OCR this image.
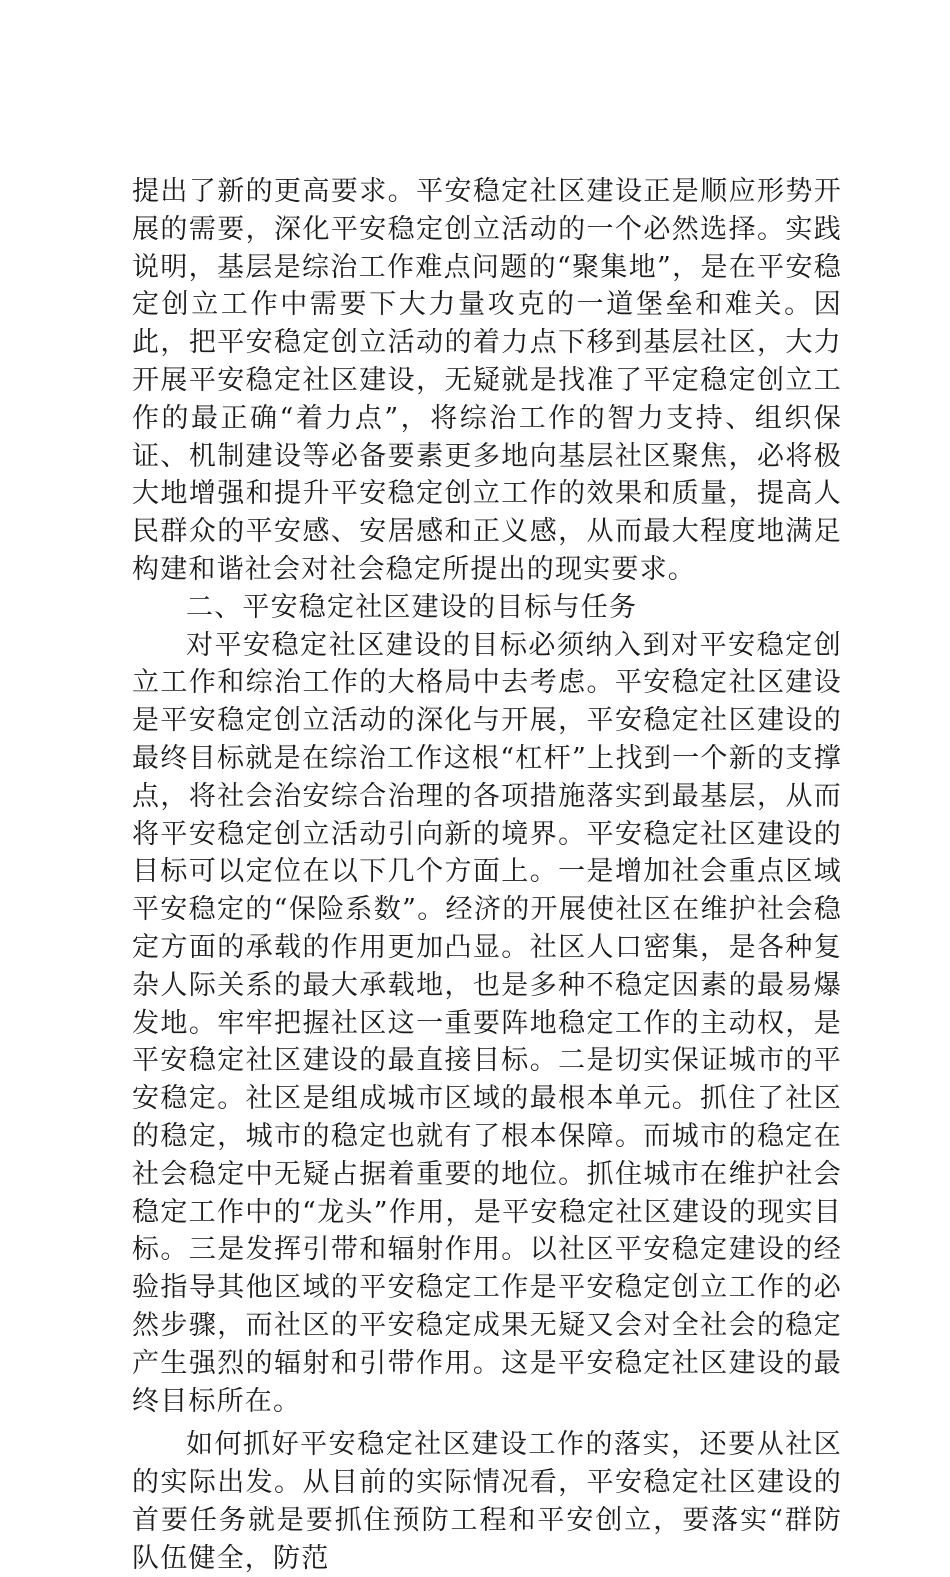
提出了新的更高要求。平安稳定社区建设正是顺应形势开展的需要，深化平安稳定创立活动的一个必然选择。实践说明，基层是综治工作难点问题的“聚集地”，是在平安稳定创立工作中需要下大力量攻克的一道堡垒和难关。因此，把平安稳定创立活动的着力点下移到基层社区，大力开展平安稳定社区建设，无疑就是找准了平定稳定创立工作的最正确“着力点”，将综治工作的智力支持、组织保证、机制建设等必备要素更多地向基层社区聚焦，必将极大地增强和提升平安稳定创立工作的效果和质量，提高人民群众的平安感、安居感和正义感，从而最大程度地满足构建和谐社会对社会稳定所提出的现实要求。

二、平安稳定社区建设的目标与任务

对平安稳定社区建设的目标必须纳入到对平安稳定创立工作和综治工作的大格局中去考虑。平安稳定社区建设是平安稳定创立活动的深化与开展，平安稳定社区建设的最终目标就是在综治工作这根“杠杆”上找到一个新的支撑点，将社会治安综合治理的各项措施落实到最基层，从而将平安稳定创立活动引向新的境界。平安稳定社区建设的目标可以定位在以下几个方面上。一是增加社会重点区域平安稳定的“保险系数”。经济的开展使社区在维护社会稳定方面的承载的作用更加凸显。社区人口密集，是各种复杂人际关系的最大承载地，也是多种不稳定因素的最易爆发地。牢牢把握社区这一重要阵地稳定工作的主动权，是平安稳定社区建设的最直接目标。二是切实保证城市的平安稳定。社区是组成城市区域的最根本单元。抓住了社区的稳定，城市的稳定也就有了根本保障。而城市的稳定在社会稳定中无疑占据着重要的地位。抓住城市在维护社会稳定工作中的“龙头”作用，是平安稳定社区建设的现实目标。三是发挥引带和辐射作用。以社区平安稳定建设的经验指导其他区域的平安稳定工作是平安稳定创立工作的必然步骤，而社区的平安稳定成果无疑又会对全社会的稳定产生强烈的辐射和引带作用。这是平安稳定社区建设的最终目标所在。

如何抓好平安稳定社区建设工作的落实，还要从社区的实际出发。从目前的实际情况看，平安稳定社区建设的首要任务就是要抓住预防工程和平安创立，要落实“群防队伍健全，防范
